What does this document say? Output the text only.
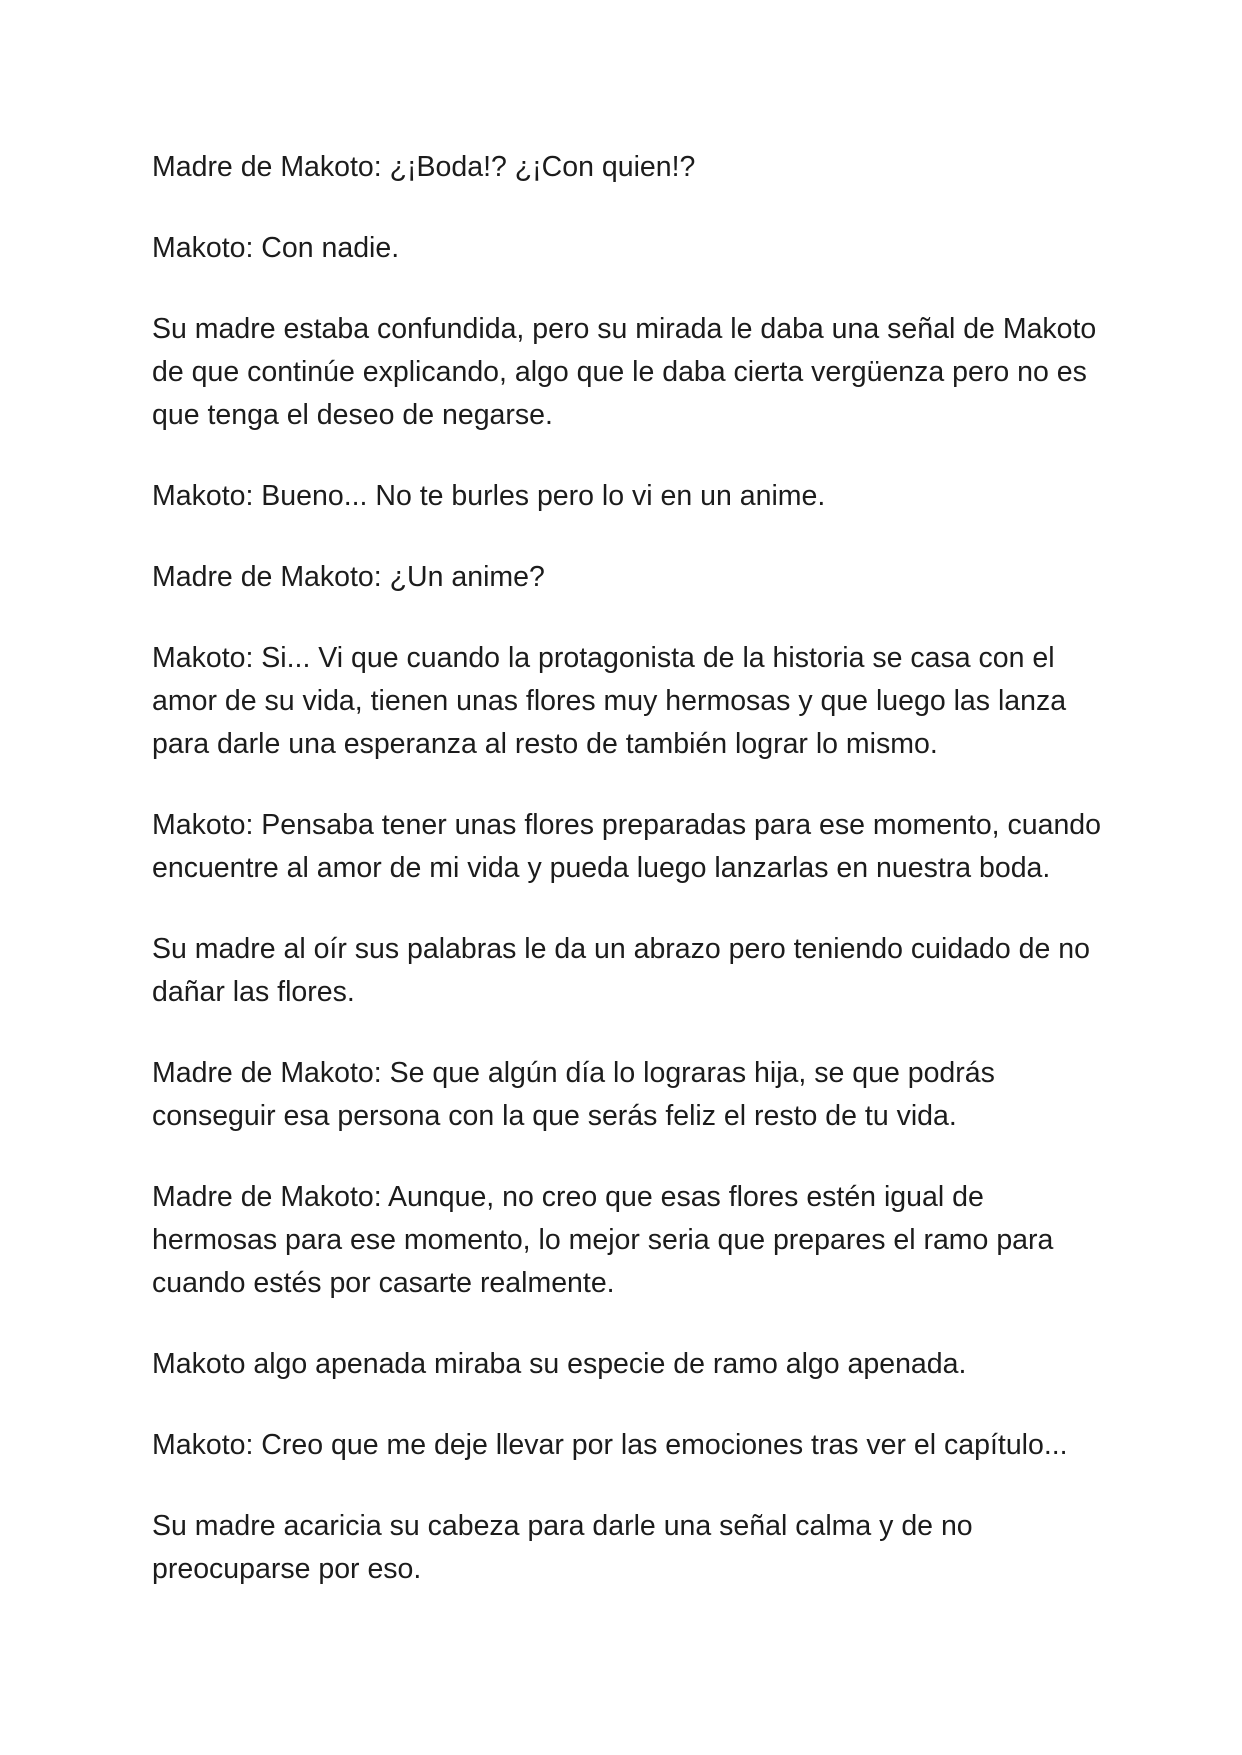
Madre de Makoto: ¿¡Boda!? ¿¡Con quien!?

Makoto: Con nadie.

Su madre estaba confundida, pero su mirada le daba una señal de Makoto de que continúe explicando, algo que le daba cierta vergüenza pero no es que tenga el deseo de negarse.

Makoto: Bueno... No te burles pero lo vi en un anime.

Madre de Makoto: ¿Un anime?

Makoto: Si... Vi que cuando la protagonista de la historia se casa con el amor de su vida, tienen unas flores muy hermosas y que luego las lanza para darle una esperanza al resto de también lograr lo mismo.

Makoto: Pensaba tener unas flores preparadas para ese momento, cuando encuentre al amor de mi vida y pueda luego lanzarlas en nuestra boda.

Su madre al oír sus palabras le da un abrazo pero teniendo cuidado de no dañar las flores.

Madre de Makoto: Se que algún día lo lograras hija, se que podrás conseguir esa persona con la que serás feliz el resto de tu vida.

Madre de Makoto: Aunque, no creo que esas flores estén igual de hermosas para ese momento, lo mejor seria que prepares el ramo para cuando estés por casarte realmente.

Makoto algo apenada miraba su especie de ramo algo apenada.

Makoto: Creo que me deje llevar por las emociones tras ver el capítulo...

Su madre acaricia su cabeza para darle una señal calma y de no preocuparse por eso.
